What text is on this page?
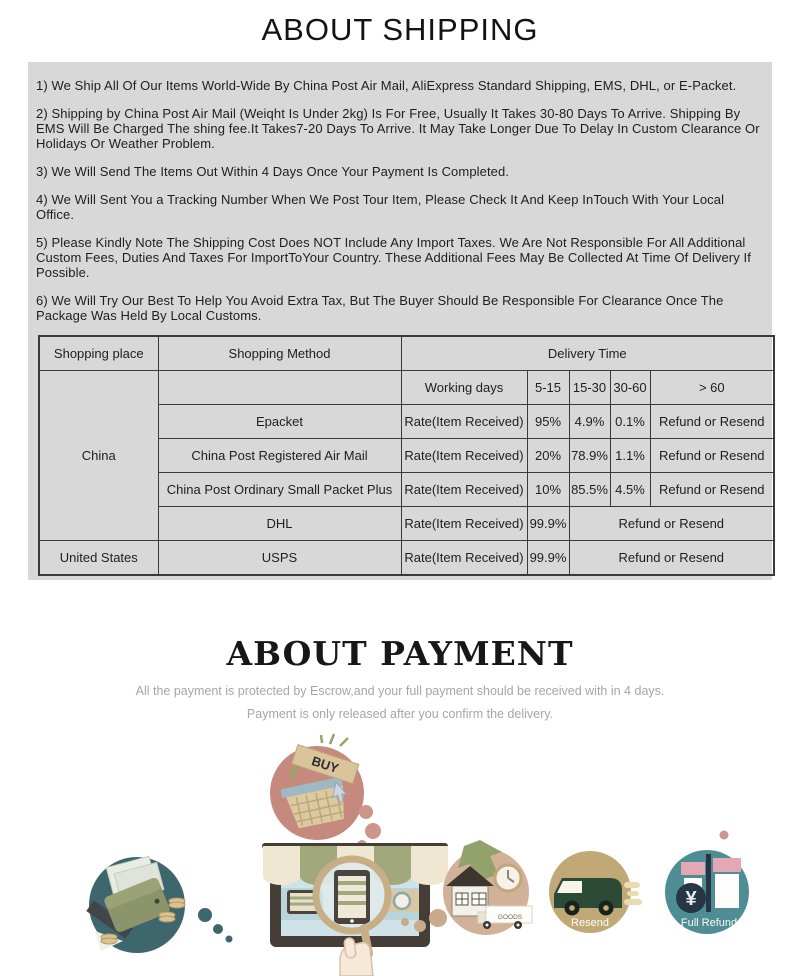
ABOUT SHIPPING

1) We Ship All Of Our Items World-Wide By China Post Air Mail, AliExpress Standard Shipping, EMS, DHL, or E-Packet.

2) Shipping by China Post Air Mail (Weiqht Is Under 2kg) Is For Free, Usually It Takes 30-80 Days To Arrive. Shipping By EMS Will Be Charged The shing fee.It Takes7-20 Days To Arrive. It May Take Longer Due To Delay In Custom Clearance Or Holidays Or Weather Problem.

3) We Will Send The Items Out Within 4 Days Once Your Payment Is Completed.

4) We Will Sent You a Tracking Number When We Post Tour Item, Please Check It And Keep InTouch With Your Local Office.

5) Please Kindly Note The Shipping Cost Does NOT Include Any Import Taxes. We Are Not Responsible For All Additional Custom Fees, Duties And Taxes For ImportToYour Country. These Additional Fees May Be Collected At Time Of Delivery If Possible.

6) We Will Try Our Best To Help You Avoid Extra Tax, But The Buyer Should Be Responsible For Clearance Once The Package Was Held By Local Customs.

Shopping place	Shopping Method	Delivery Time				
China		Working days	5-15	15-30	30-60	> 60
	Epacket	Rate(Item Received)	95%	4.9%	0.1%	Refund or Resend
	China Post Registered Air Mail	Rate(Item Received)	20%	78.9%	1.1%	Refund or Resend
	China Post Ordinary Small Packet Plus	Rate(Item Received)	10%	85.5%	4.5%	Refund or Resend
	DHL	Rate(Item Received)	99.9%	Refund or Resend		
United States	USPS	Rate(Item Received)	99.9%	Refund or Resend		
ABOUT PAYMENT
All the payment is protected by Escrow,and your full payment should be received with in 4 days.
Payment is only released after you confirm the delivery.
BUY
GOODS	Resend
¥
Full Refund
